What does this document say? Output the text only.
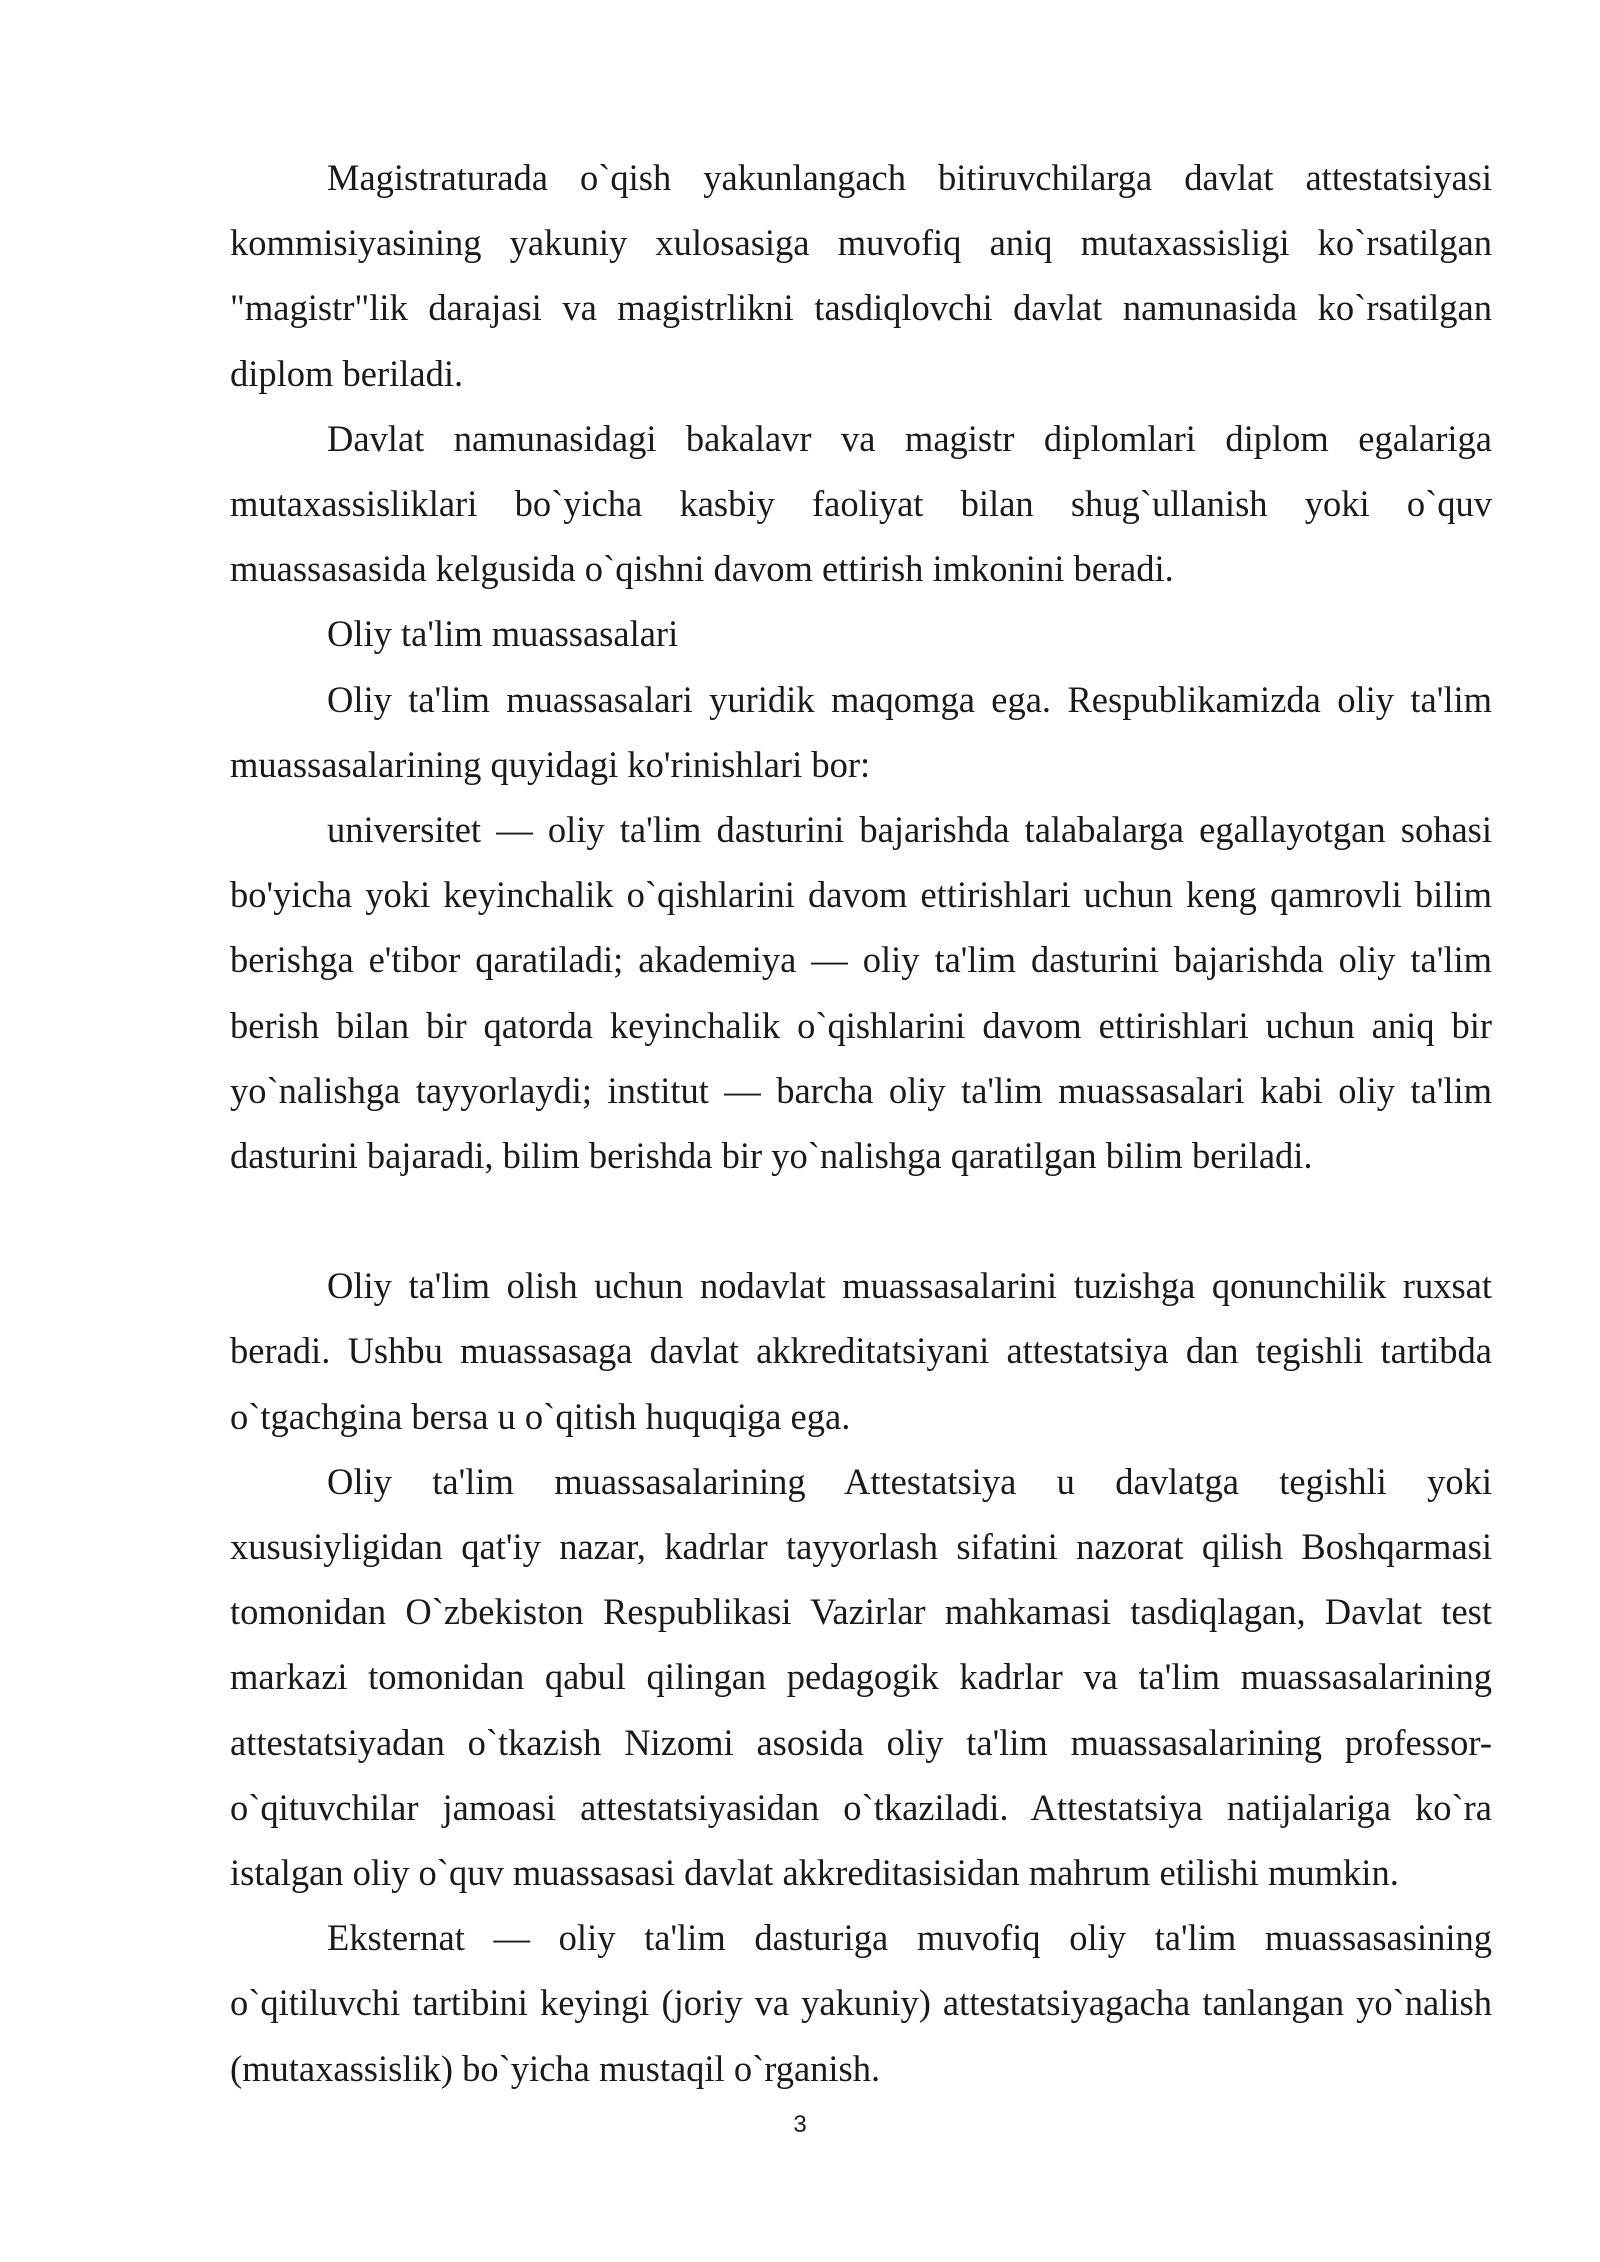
Magistraturada o`qish yakunlangach bitiruvchilarga davlat attestatsiyasi kommisiyasining yakuniy xulosasiga muvofiq aniq mutaxassisligi ko`rsatilgan "magistr"lik darajasi va magistrlikni tasdiqlovchi davlat namunasida ko`rsatilgan diplom beriladi.

Davlat namunasidagi bakalavr va magistr diplomlari diplom egalariga mutaxassisliklari bo`yicha kasbiy faoliyat bilan shug`ullanish yoki o`quv muassasasida kelgusida o`qishni davom ettirish imkonini beradi.

Oliy ta'lim muassasalari

Oliy ta'lim muassasalari yuridik maqomga ega. Respublikamizda oliy ta'lim muassasalarining quyidagi ko'rinishlari bor:

universitet — oliy ta'lim dasturini bajarishda talabalarga egallayotgan sohasi bo'yicha yoki keyinchalik o`qishlarini davom ettirishlari uchun keng qamrovli bilim berishga e'tibor qaratiladi; akademiya — oliy ta'lim dasturini bajarishda oliy ta'lim berish bilan bir qatorda keyinchalik o`qishlarini davom ettirishlari uchun aniq bir yo`nalishga tayyorlaydi; institut — barcha oliy ta'lim muassasalari kabi oliy ta'lim dasturini bajaradi, bilim berishda bir yo`nalishga qaratilgan bilim beriladi.

Oliy ta'lim olish uchun nodavlat muassasalarini tuzishga qonunchilik ruxsat beradi. Ushbu muassasaga davlat akkreditatsiyani attestatsiya dan tegishli tartibda o`tgachgina bersa u o`qitish huquqiga ega.

Oliy ta'lim muassasalarining Attestatsiya u davlatga tegishli yoki xususiyligidan qat'iy nazar, kadrlar tayyorlash sifatini nazorat qilish Boshqarmasi tomonidan O`zbekiston Respublikasi Vazirlar mahkamasi tasdiqlagan, Davlat test markazi tomonidan qabul qilingan pedagogik kadrlar va ta'lim muassasalarining attestatsiyadan o`tkazish Nizomi asosida oliy ta'lim muassasalarining professor-o`qituvchilar jamoasi attestatsiyasidan o`tkaziladi. Attestatsiya natijalariga ko`ra istalgan oliy o`quv muassasasi davlat akkreditasisidan mahrum etilishi mumkin.

Eksternat — oliy ta'lim dasturiga muvofiq oliy ta'lim muassasasining o`qitiluvchi tartibini keyingi (joriy va yakuniy) attestatsiyagacha tanlangan yo`nalish (mutaxassislik) bo`yicha mustaqil o`rganish.

3
